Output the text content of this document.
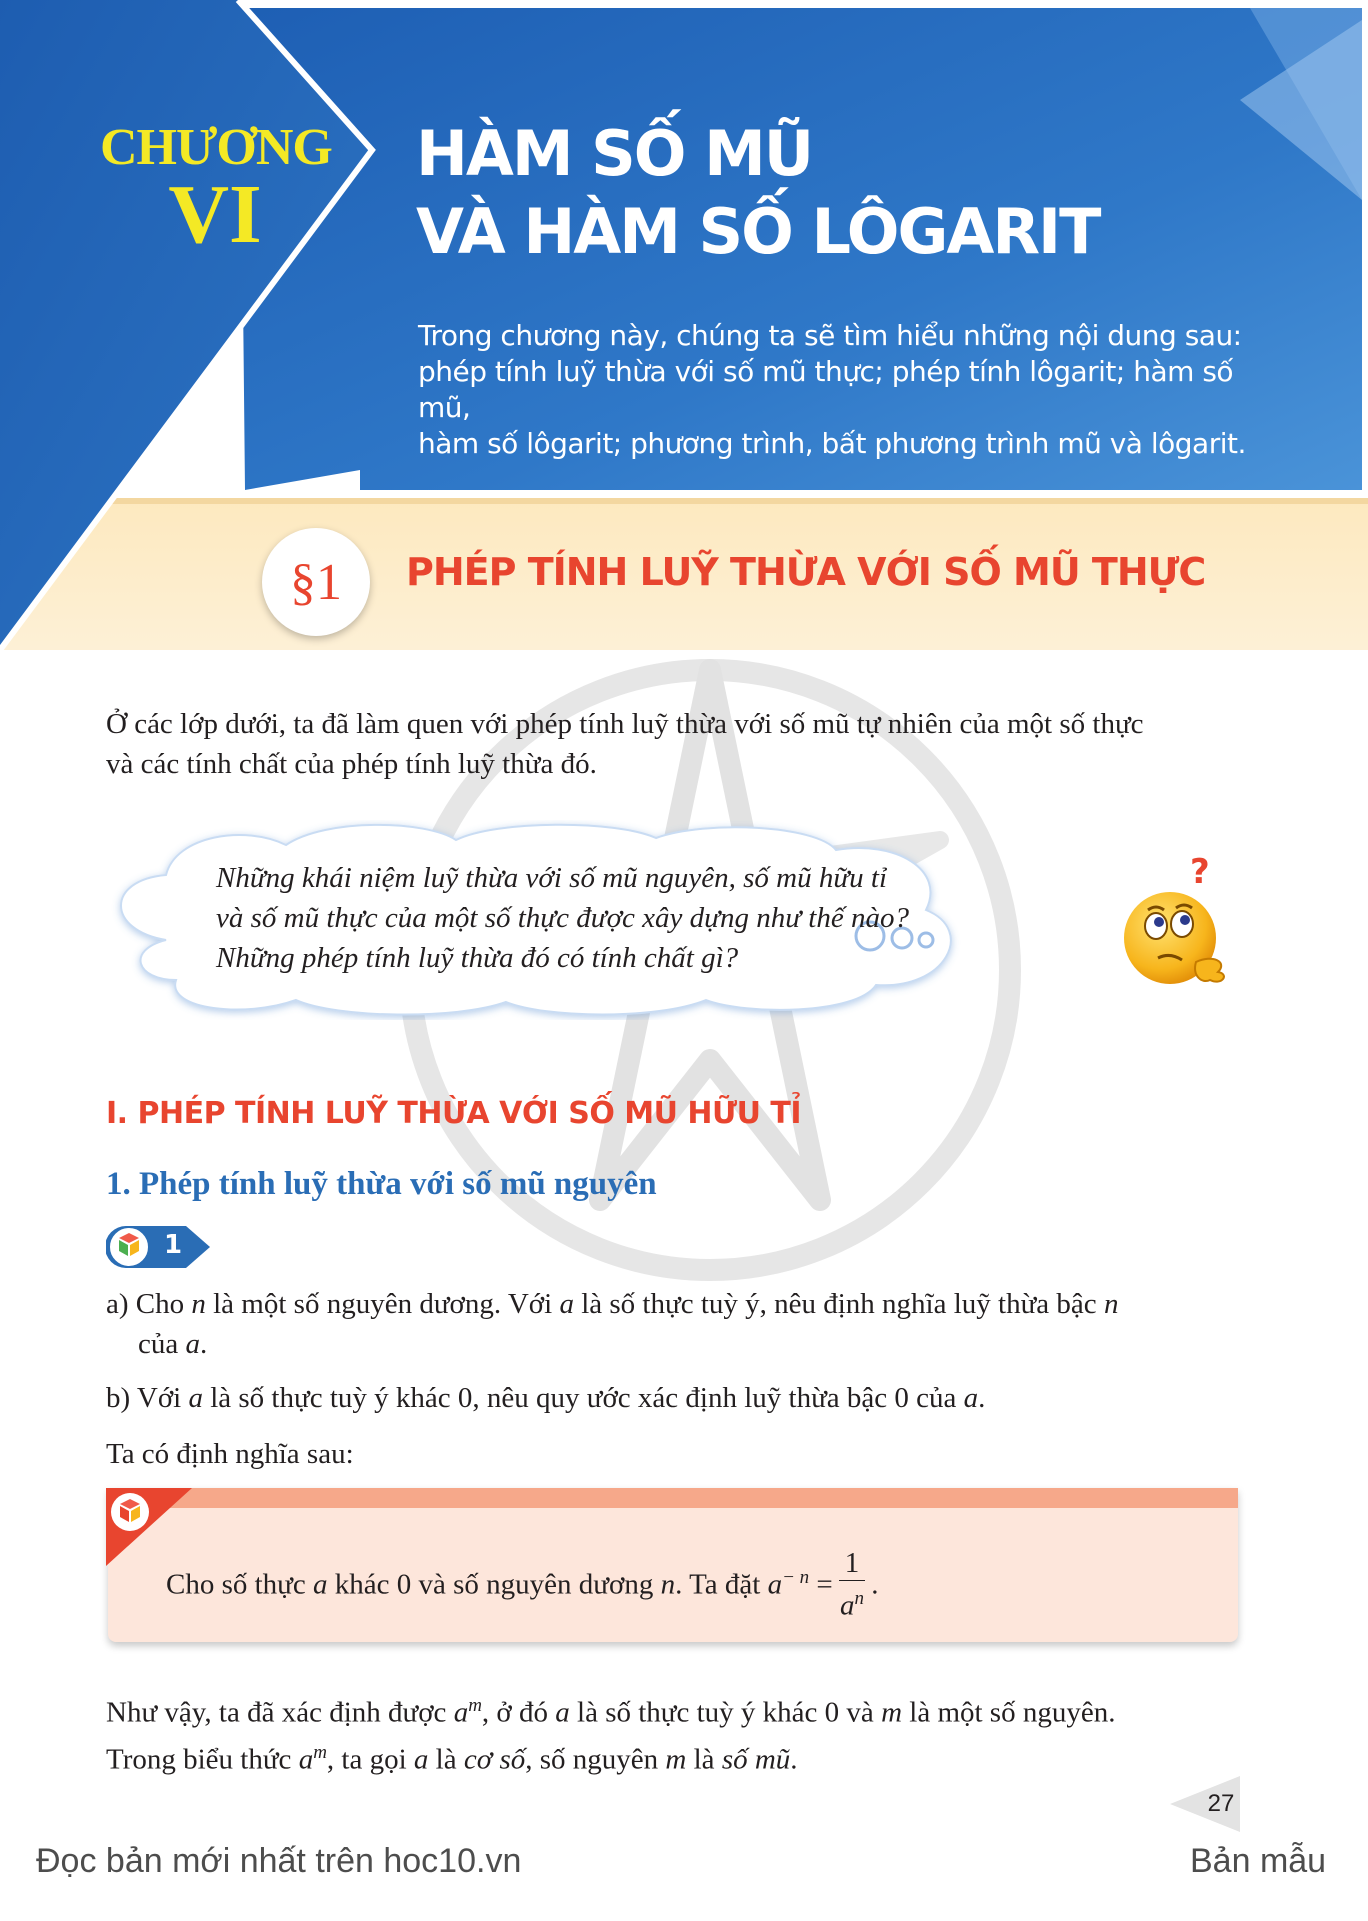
CHƯƠNG
VI
HÀM SỐ MŨ
VÀ HÀM SỐ LÔGARIT
Trong chương này, chúng ta sẽ tìm hiểu những nội dung sau:
phép tính luỹ thừa với số mũ thực; phép tính lôgarit; hàm số mũ,
hàm số lôgarit; phương trình, bất phương trình mũ và lôgarit.
§1 PHÉP TÍNH LUỸ THỪA VỚI SỐ MŨ THỰC
Ở các lớp dưới, ta đã làm quen với phép tính luỹ thừa với số mũ tự nhiên của một số thực
và các tính chất của phép tính luỹ thừa đó.
Những khái niệm luỹ thừa với số mũ nguyên, số mũ hữu tỉ
và số mũ thực của một số thực được xây dựng như thế nào?
Những phép tính luỹ thừa đó có tính chất gì?
?
I. PHÉP TÍNH LUỸ THỪA VỚI SỐ MŨ HỮU TỈ
1. Phép tính luỹ thừa với số mũ nguyên
1
a) Cho n là một số nguyên dương. Với a là số thực tuỳ ý, nêu định nghĩa luỹ thừa bậc n
của a.
b) Với a là số thực tuỳ ý khác 0, nêu quy ước xác định luỹ thừa bậc 0 của a.
Ta có định nghĩa sau:
Cho số thực a khác 0 và số nguyên dương n. Ta đặt $a^{- n} = \frac{1}{a^n}$ .
Như vậy, ta đã xác định được $a^m$, ở đó a là số thực tuỳ ý khác 0 và m là một số nguyên.
Trong biểu thức $a^m$, ta gọi a là cơ số, số nguyên m là số mũ.
27
Đọc bản mới nhất trên hoc10.vn	Bản mẫu
